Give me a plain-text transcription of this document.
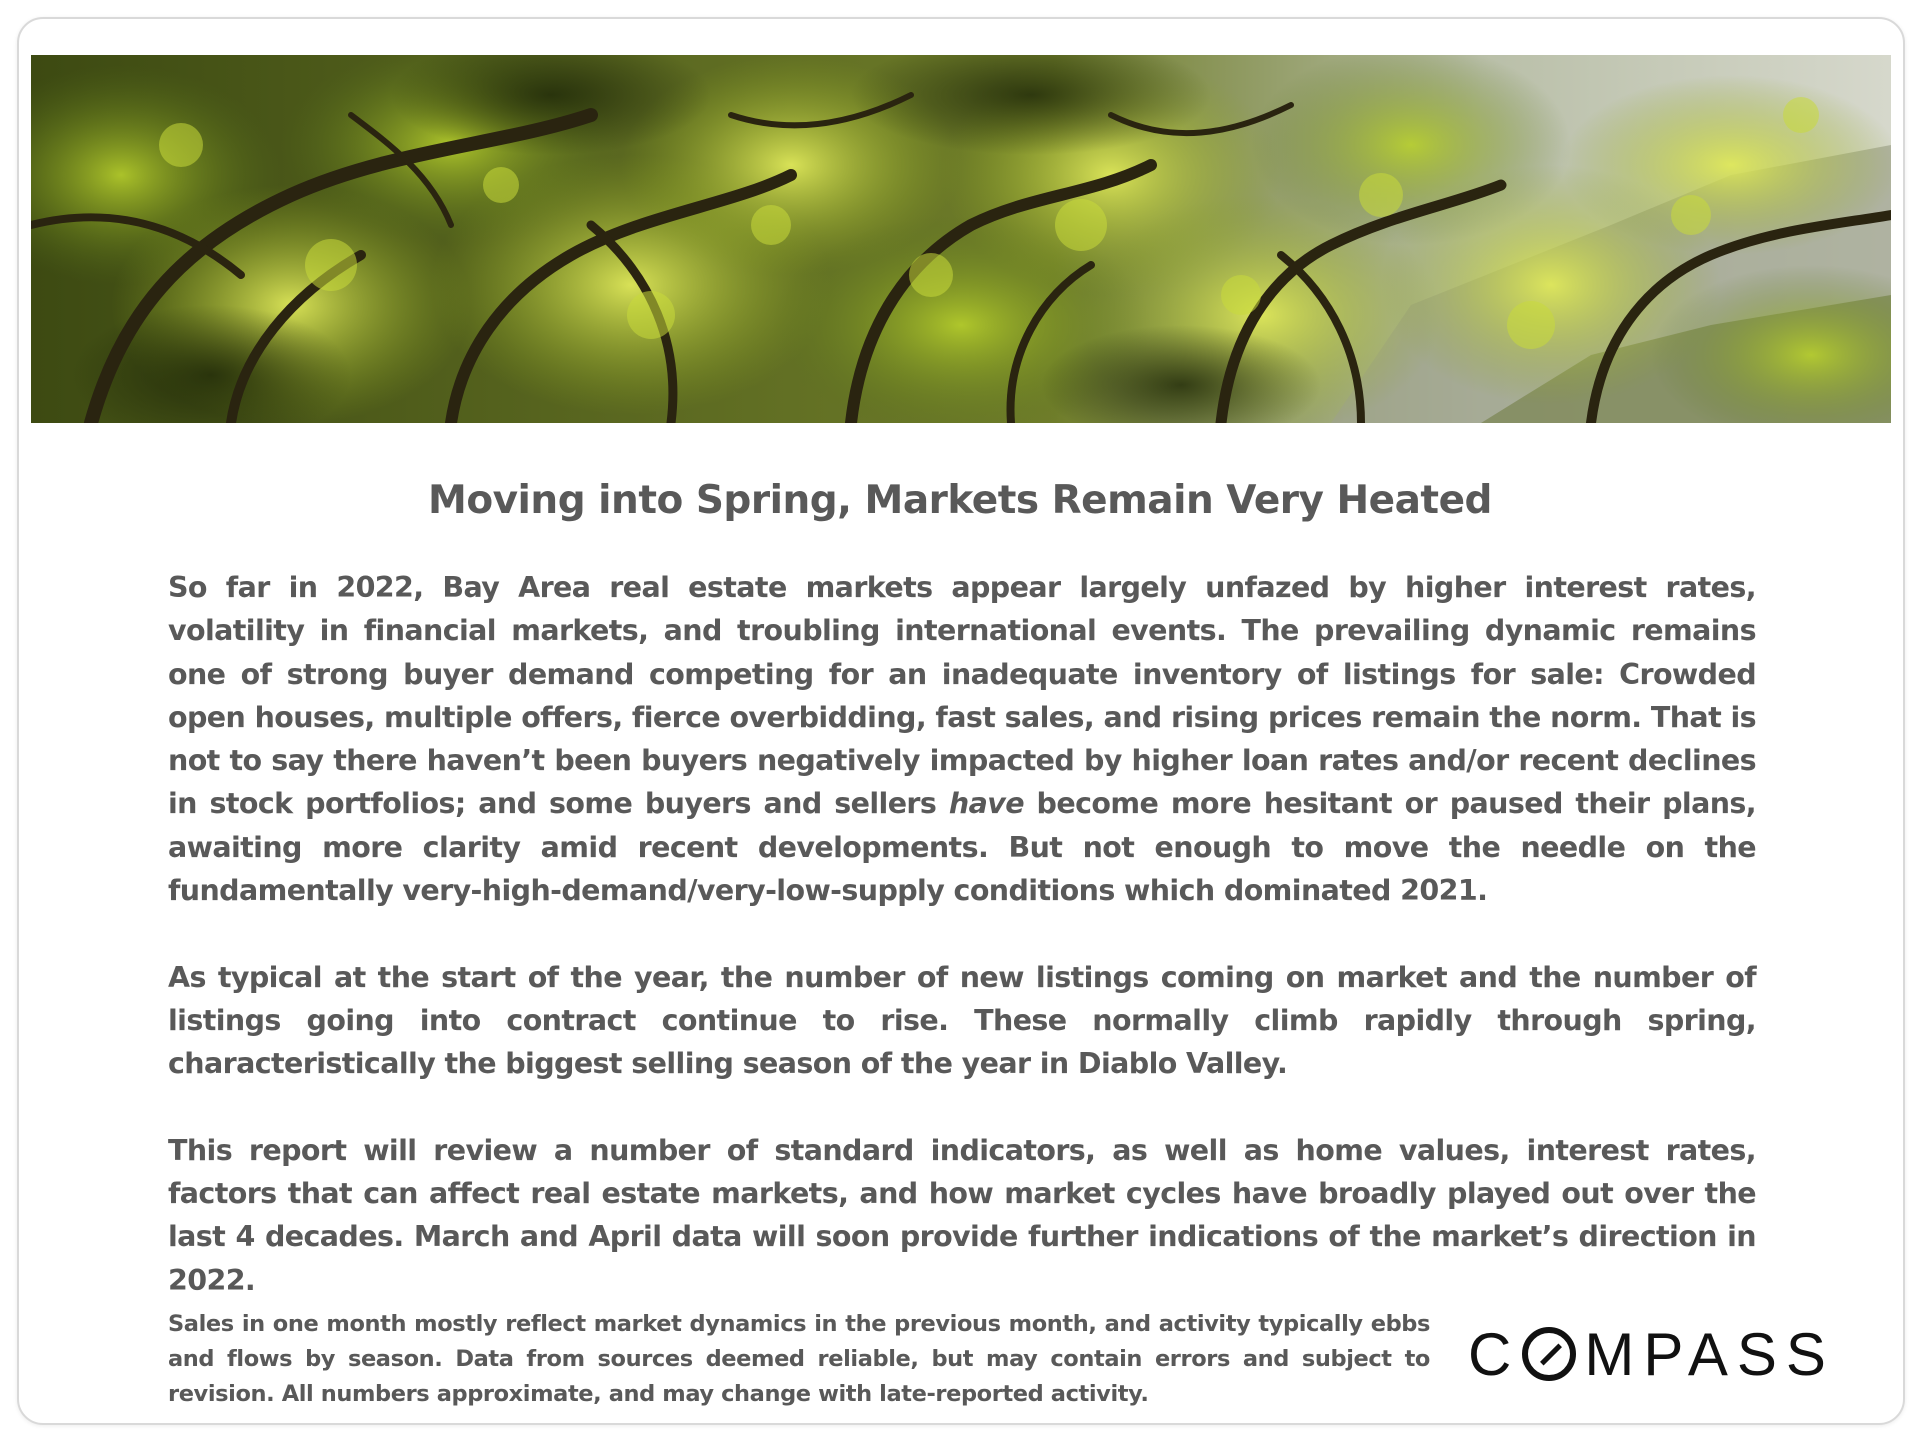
Moving into Spring, Markets Remain Very Heated

So far in 2022, Bay Area real estate markets appear largely unfazed by higher interest rates, volatility in financial markets, and troubling international events. The prevailing dynamic remains one of strong buyer demand competing for an inadequate inventory of listings for sale: Crowded open houses, multiple offers, fierce overbidding, fast sales, and rising prices remain the norm. That is not to say there haven’t been buyers negatively impacted by higher loan rates and/or recent declines in stock portfolios; and some buyers and sellers have become more hesitant or paused their plans, awaiting more clarity amid recent developments. But not enough to move the needle on the fundamentally very-high-demand/very-low-supply conditions which dominated 2021.

As typical at the start of the year, the number of new listings coming on market and the number of listings going into contract continue to rise. These normally climb rapidly through spring, characteristically the biggest selling season of the year in Diablo Valley.

This report will review a number of standard indicators, as well as home values, interest rates, factors that can affect real estate markets, and how market cycles have broadly played out over the last 4 decades. March and April data will soon provide further indications of the market’s direction in 2022.

Sales in one month mostly reflect market dynamics in the previous month, and activity typically ebbs and flows by season. Data from sources deemed reliable, but may contain errors and subject to revision. All numbers approximate, and may change with late-reported activity.
C MPASS
